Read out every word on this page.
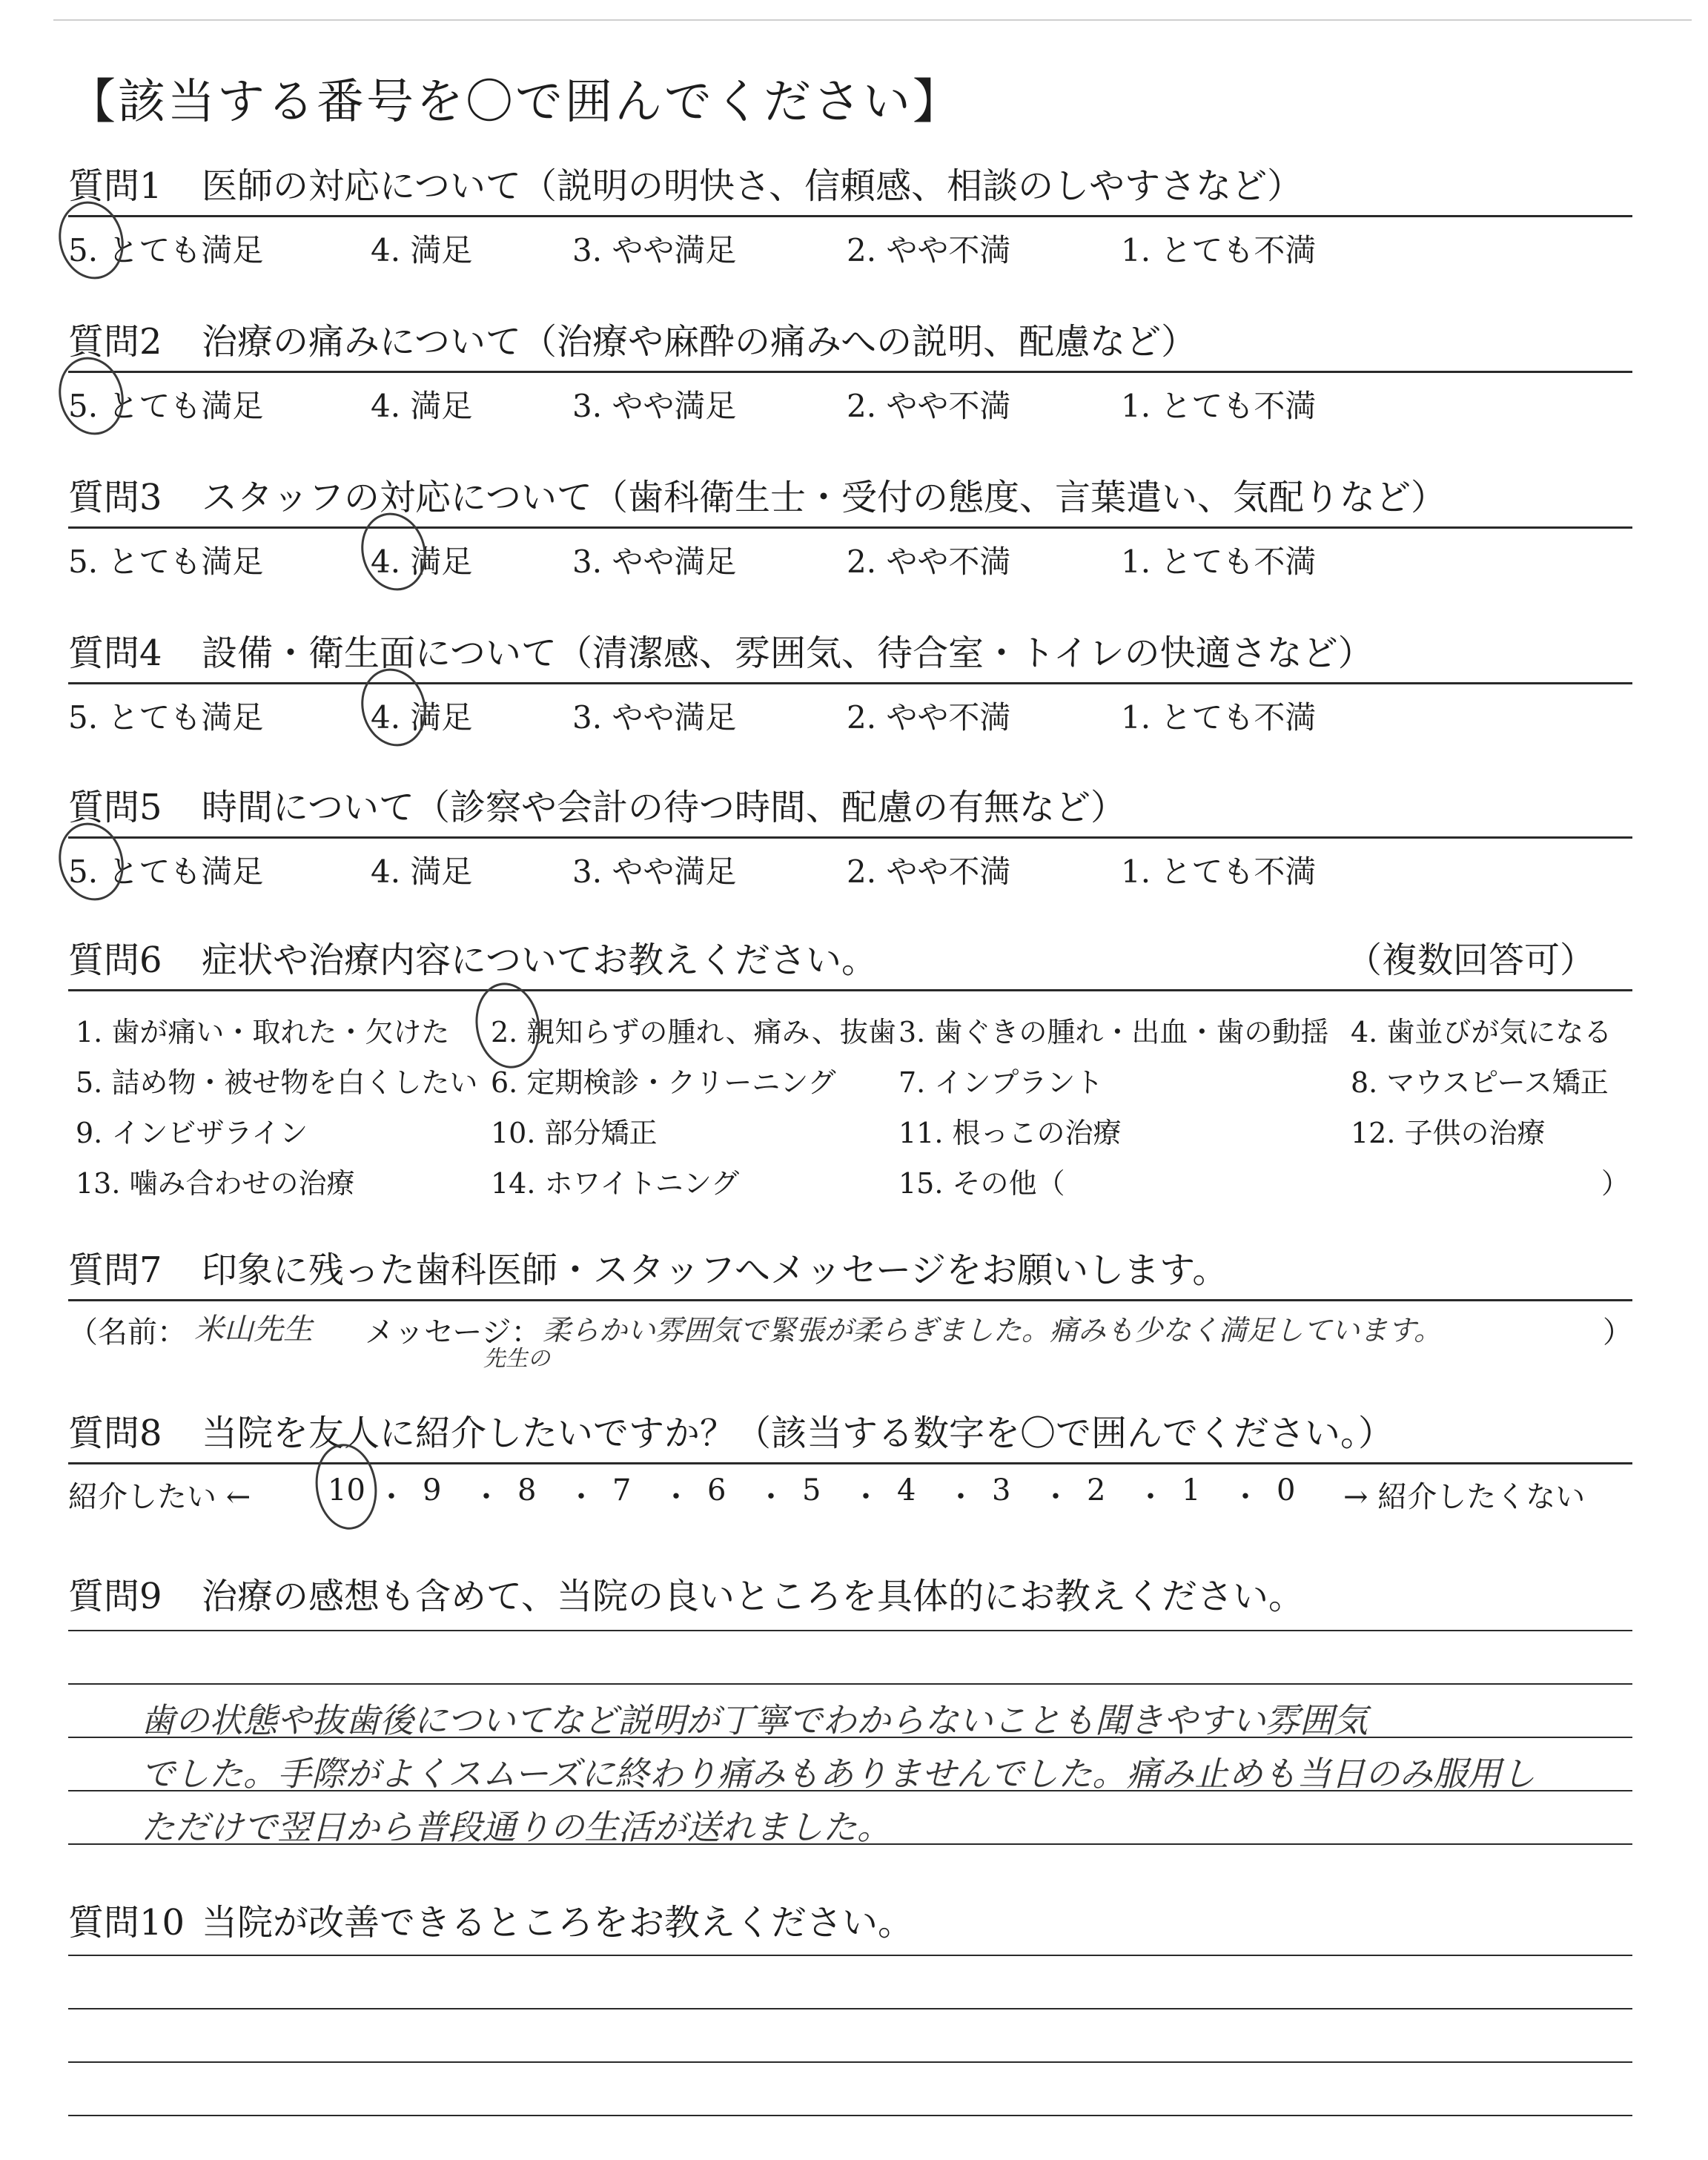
【該当する番号を〇で囲んでください】
質問1 医師の対応について（説明の明快さ、信頼感、相談のしやすさなど）
5. とても満足	4. 満足	3. やや満足	2. やや不満	1. とても不満
質問2 治療の痛みについて（治療や麻酔の痛みへの説明、配慮など）
5. とても満足	4. 満足	3. やや満足	2. やや不満	1. とても不満
質問3 スタッフの対応について（歯科衛生士・受付の態度、言葉遣い、気配りなど）
5. とても満足	4. 満足	3. やや満足	2. やや不満	1. とても不満
質問4 設備・衛生面について（清潔感、雰囲気、待合室・トイレの快適さなど）
5. とても満足	4. 満足	3. やや満足	2. やや不満	1. とても不満
質問5 時間について（診察や会計の待つ時間、配慮の有無など）
5. とても満足	4. 満足	3. やや満足	2. やや不満	1. とても不満
質問6 症状や治療内容についてお教えください。	（複数回答可）
1. 歯が痛い・取れた・欠けた 2. 親知らずの腫れ、痛み、抜歯 3. 歯ぐきの腫れ・出血・歯の動揺 4. 歯並びが気になる
5. 詰め物・被せ物を白くしたい 6. 定期検診・クリーニング 7. インプラント	8. マウスピース矯正
9. インビザライン	10. 部分矯正	11. 根っこの治療	12. 子供の治療
13. 噛み合わせの治療	14. ホワイトニング	15. その他（	）
質問7 印象に残った歯科医師・スタッフへメッセージをお願いします。
（名前： 米山先生 メッセージ： 柔らかい雰囲気で緊張が柔らぎました。痛みも少なく満足しています。
先生の
）
質問8 当院を友人に紹介したいですか？（該当する数字を〇で囲んでください。）
紹介したい ←	→ 紹介したくない
10 ・ 9 ・ 8 ・ 7 ・ 6 ・ 5 ・ 4 ・ 3 ・ 2 ・ 1 ・ 0
質問9 治療の感想も含めて、当院の良いところを具体的にお教えください。
歯の状態や抜歯後についてなど説明が丁寧でわからないことも聞きやすい雰囲気
でした。手際がよくスムーズに終わり痛みもありませんでした。痛み止めも当日のみ服用し
ただけで翌日から普段通りの生活が送れました。
質問10 当院が改善できるところをお教えください。
